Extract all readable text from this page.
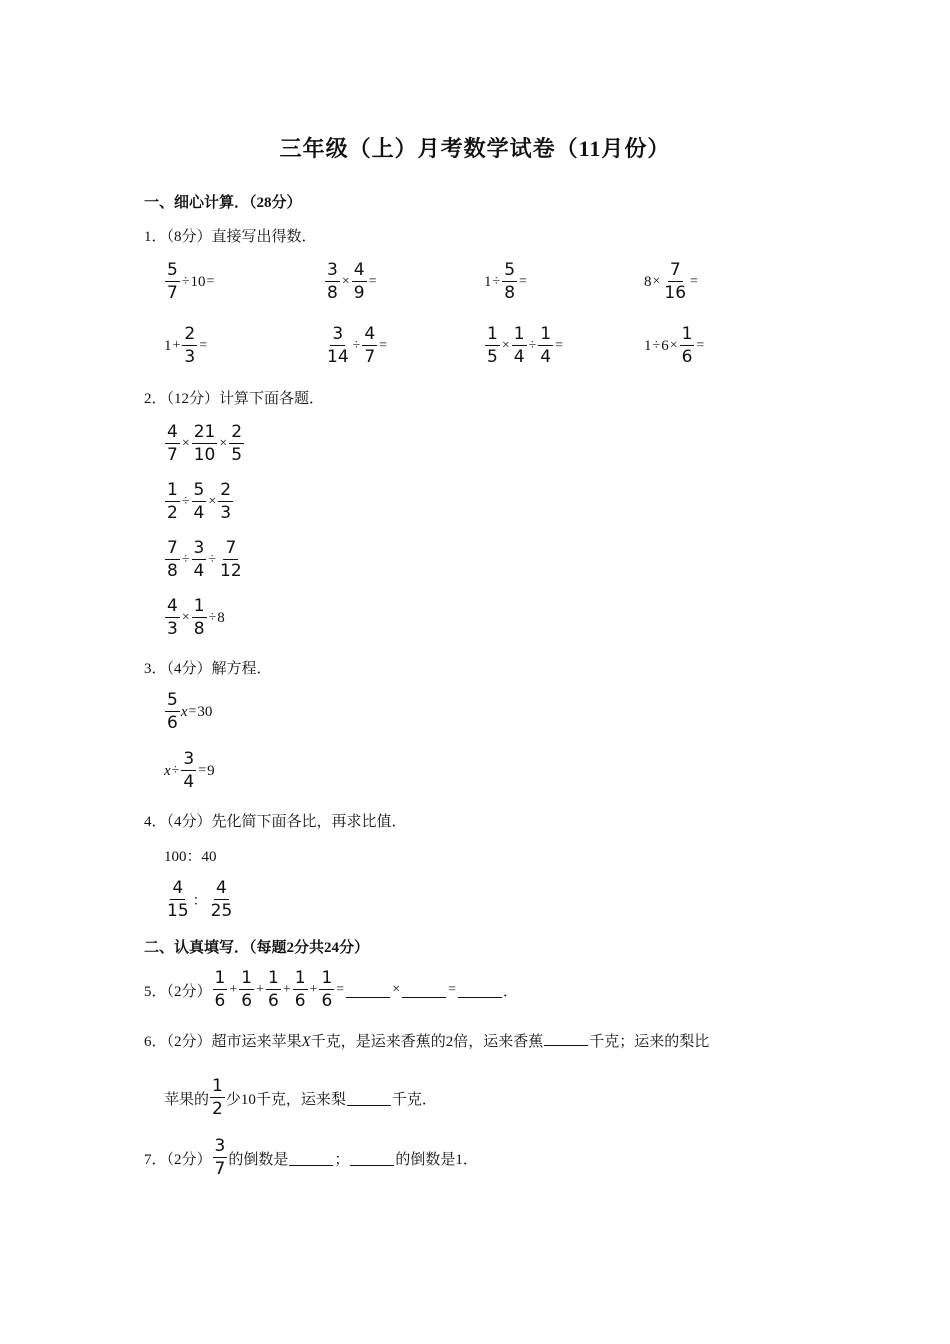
三年级（上）月考数学试卷（11月份）
一、细心计算．（28分）
1．（8分）直接写出得数．
$\frac{5}{7} \div 10$ =	$\frac{3}{8} \times \frac{4}{9}$ =	$1 \div \frac{5}{8}$ =	$8 \times \frac{7}{16}$ =
$1 + \frac{2}{3}$ =	$\frac{3}{14} \div \frac{4}{7}$ =	$\frac{1}{5} \times \frac{1}{4} \div \frac{1}{4}$ =	$1 \div 6 \times \frac{1}{6}$ =
2．（12分）计算下面各题．
$\frac{4}{7} \times \frac{21}{10} \times \frac{2}{5}$
$\frac{1}{2} \div \frac{5}{4} \times \frac{2}{3}$
$\frac{7}{8} \div \frac{3}{4} \div \frac{7}{12}$
$\frac{4}{3} \times \frac{1}{8} \div 8$
3．（4分）解方程．
$\frac{5}{6}$ x = 30
$x \div \frac{3}{4} = 9$
4．（4分）先化简下面各比，再求比值．
100：40
$\frac{4}{15}$ ： $\frac{4}{25}$
二、认真填写．（每题2分共24分）
5．（2分） $\frac{1}{6} + \frac{1}{6} + \frac{1}{6} + \frac{1}{6} + \frac{1}{6}$ =	×	=	．
6．（2分）超市运来苹果X千克，是运来香蕉的2倍，运来香蕉	千克；运来的梨比
苹果的 $\frac{1}{2}$ 少10千克，运来梨	千克．
7．（2分） $\frac{3}{7}$ 的倒数是	；	的倒数是1．
